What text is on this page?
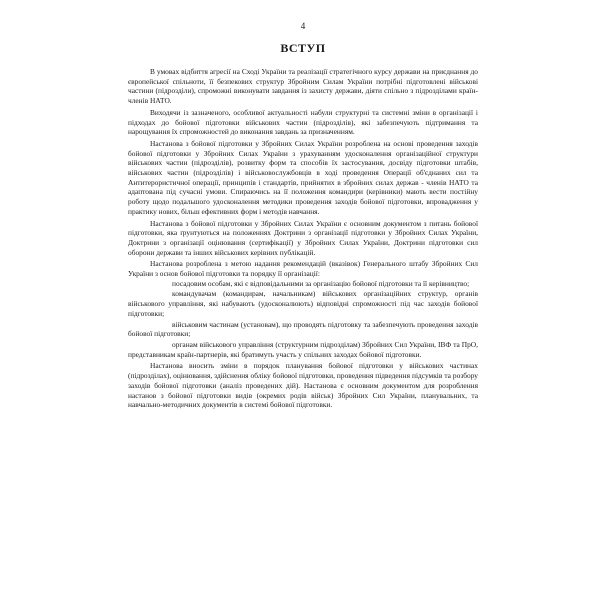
4
ВСТУП

В умовах відбиття агресії на Сході України та реалізації стратегічного курсу держави на приєднання до європейської спільноти, її безпекових структур Збройним Силам України потрібні підготовлені військові частини (підрозділи), спроможні виконувати завдання із захисту держави, діяти спільно з підрозділами країн-членів НАТО.

Виходячи із зазначеного, особливої актуальності набули структурні та системні зміни в організації і підходах до бойової підготовки військових частин (підрозділів), які забезпечують підтримання та нарощування їх спроможностей до виконання завдань за призначенням.

Настанова з бойової підготовки у Збройних Силах України розроблена на основі проведення заходів бойової підготовки у Збройних Силах України з урахуванням удосконалення організаційної структури військових частин (підрозділів), розвитку форм та способів їх застосування, досвіду підготовки штабів, військових частин (підрозділів) і військовослужбовців в ході проведення Операції об'єднаних сил та Антитерористичної операції, принципів і стандартів, прийнятих в збройних силах держав - членів НАТО та адаптована під сучасні умови. Спираючись на її положення командири (керівники) мають вести постійну роботу щодо подальшого удосконалення методики проведення заходів бойової підготовки, впровадження у практику нових, більш ефективних форм і методів навчання.

Настанова з бойової підготовки у Збройних Силах України є основним документом з питань бойової підготовки, яка ґрунтуються на положеннях Доктрини з організації підготовки у Збройних Силах України, Доктрини з організації оцінювання (сертифікації) у Збройних Силах України, Доктрини підготовки сил оборони держави та інших військових керівних публікацій.

Настанова розроблена з метою надання рекомендацій (вказівок) Генерального штабу Збройних Сил України з основ бойової підготовки та порядку її організації:

посадовим особам, які є відповідальними за організацію бойової підготовки та її керівництво;

командувачам (командирам, начальникам) військових організаційних структур, органів військового управління, які набувають (удосконалюють) відповідні спроможності під час заходів бойової підготовки;

військовим частинам (установам), що проводять підготовку та забезпечують проведення заходів бойової підготовки;

органам військового управління (структурним підрозділам) Збройних Сил України, ІВФ та ПрО, представникам країн-партнерів, які братимуть участь у спільних заходах бойової підготовки.

Настанова вносить зміни в порядок планування бойової підготовки у військових частинах (підрозділах), оцінювання, здійснення обліку бойової підготовки, проведення підведення підсумків та розбору заходів бойової підготовки (аналіз проведених дій). Настанова є основним документом для розроблення настанов з бойової підготовки видів (окремих родів військ) Збройних Сил України, планувальних, та навчально-методичних документів в системі бойової підготовки.
